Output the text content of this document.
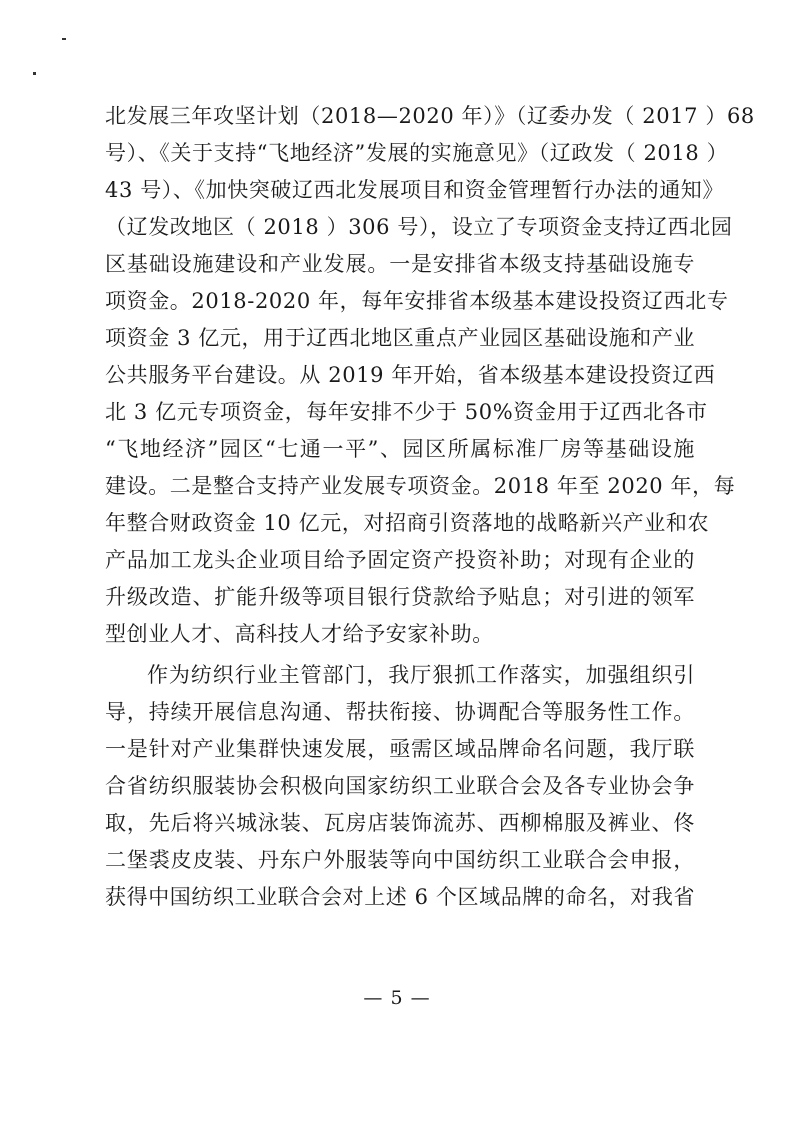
北发展三年攻坚计划（2018—2020 年）》（辽委办发（ 2017 ）68
号）、《关于支持“飞地经济”发展的实施意见》（辽政发（ 2018 ）
43 号）、《加快突破辽西北发展项目和资金管理暂行办法的通知》
（辽发改地区（ 2018 ）306 号），设立了专项资金支持辽西北园
区基础设施建设和产业发展。一是安排省本级支持基础设施专
项资金。2018-2020 年，每年安排省本级基本建设投资辽西北专
项资金 3 亿元，用于辽西北地区重点产业园区基础设施和产业
公共服务平台建设。从 2019 年开始，省本级基本建设投资辽西
北 3 亿元专项资金，每年安排不少于 50%资金用于辽西北各市
“飞地经济”园区“七通一平”、园区所属标准厂房等基础设施
建设。二是整合支持产业发展专项资金。2018 年至 2020 年，每
年整合财政资金 10 亿元，对招商引资落地的战略新兴产业和农
产品加工龙头企业项目给予固定资产投资补助；对现有企业的
升级改造、扩能升级等项目银行贷款给予贴息；对引进的领军
型创业人才、高科技人才给予安家补助。
作为纺织行业主管部门，我厅狠抓工作落实，加强组织引
导，持续开展信息沟通、帮扶衔接、协调配合等服务性工作。
一是针对产业集群快速发展，亟需区域品牌命名问题，我厅联
合省纺织服装协会积极向国家纺织工业联合会及各专业协会争
取，先后将兴城泳装、瓦房店装饰流苏、西柳棉服及裤业、佟
二堡裘皮皮装、丹东户外服装等向中国纺织工业联合会申报，
获得中国纺织工业联合会对上述 6 个区域品牌的命名，对我省
— 5 —
